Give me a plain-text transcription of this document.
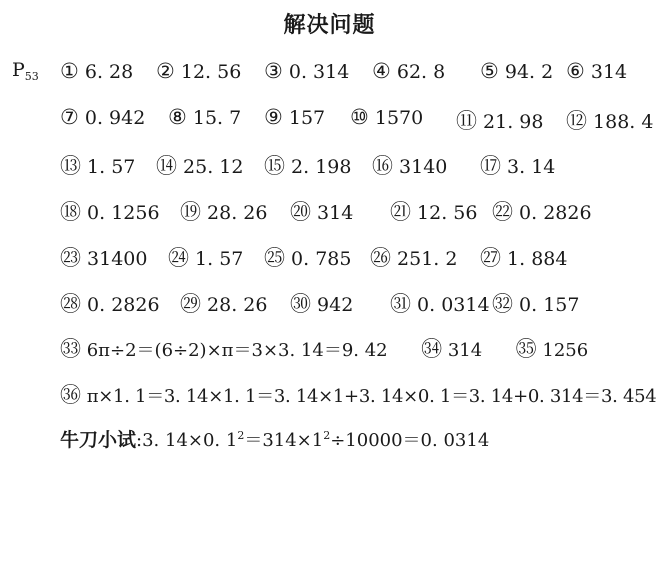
解决问题
$P_{53}$ ① 6. 28 ② 12. 56 ③ 0. 314 ④ 62. 8 ⑤ 94. 2 ⑥ 314
⑦ 0. 942 ⑧ 15. 7 ⑨ 157 ⑩ 1570 ⑪ 21. 98 ⑫ 188. 4
⑬ 1. 57 ⑭ 25. 12 ⑮ 2. 198 ⑯ 3140 ⑰ 3. 14
⑱ 0. 1256 ⑲ 28. 26 ⑳ 314 ㉑ 12. 56 ㉒ 0. 2826
㉓ 31400 ㉔ 1. 57 ㉕ 0. 785 ㉖ 251. 2 ㉗ 1. 884
㉘ 0. 2826 ㉙ 28. 26 ㉚ 942 ㉛ 0. 0314 ㉜ 0. 157
㉝ 6π÷2＝(6÷2)×π＝3×3. 14＝9. 42 ㉞ 314 ㉟ 1256
㊱ π×1. 1＝3. 14×1. 1＝3. 14×1+3. 14×0. 1＝3. 14+0. 314＝3. 454
牛刀小试:3. 14×0. $1^2=314\times 1^2\div 10000=0$. 0314
